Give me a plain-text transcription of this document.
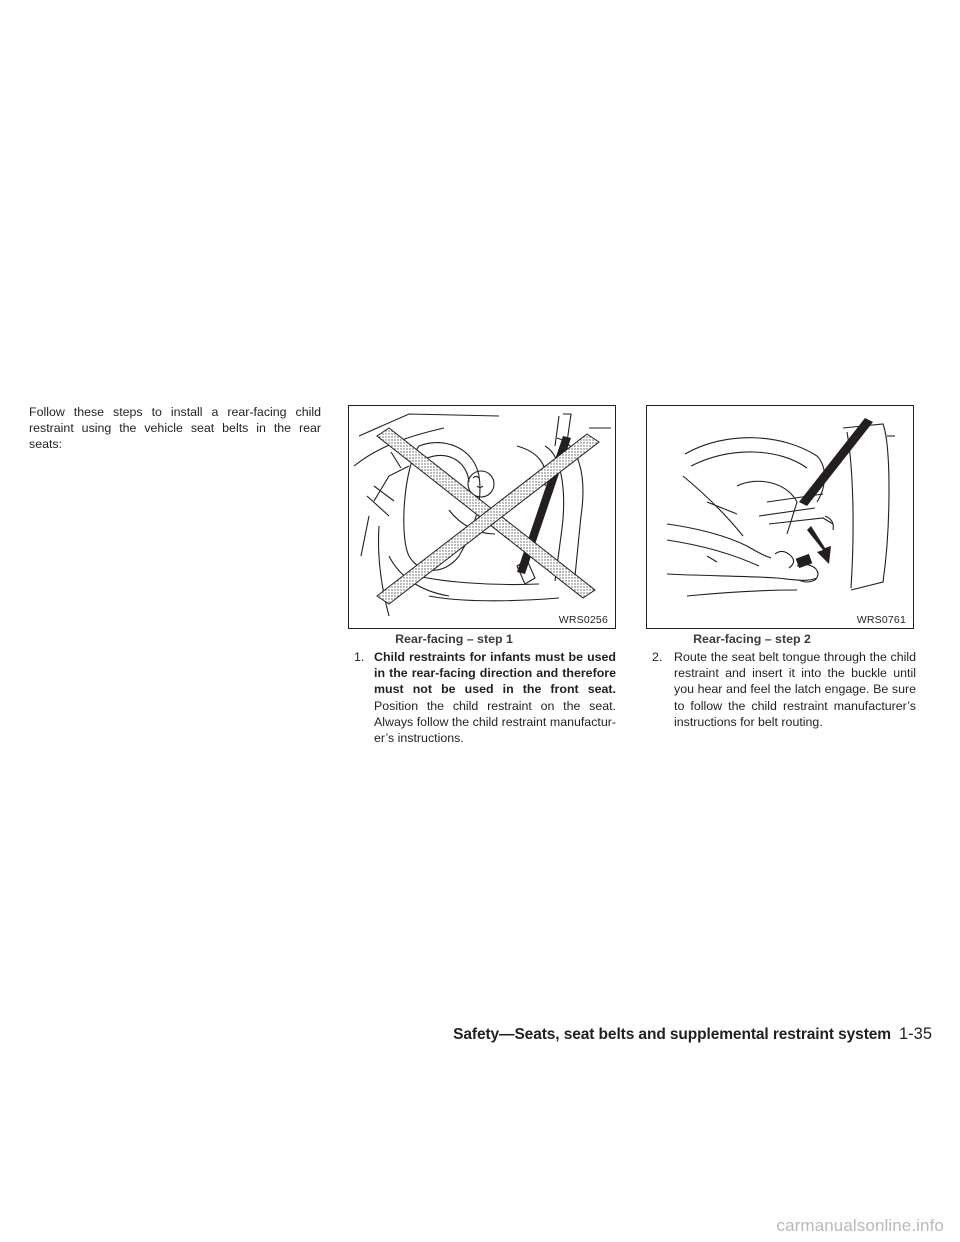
Follow these steps to install a rear-facing child restraint using the vehicle seat belts in the rear seats:

WRS0256	WRS0761

Rear-facing – step 1	Rear-facing – step 2

1. Child restraints for infants must be used in the rear-facing direction and therefore must not be used in the front seat. Position the child restraint on the seat. Always follow the child restraint manufacturer’s instructions.
2. Route the seat belt tongue through the child restraint and insert it into the buckle until you hear and feel the latch engage. Be sure to follow the child restraint manufacturer’s instructions for belt routing.
Safety—Seats, seat belts and supplemental restraint system 1-35
carmanualsonline.info
